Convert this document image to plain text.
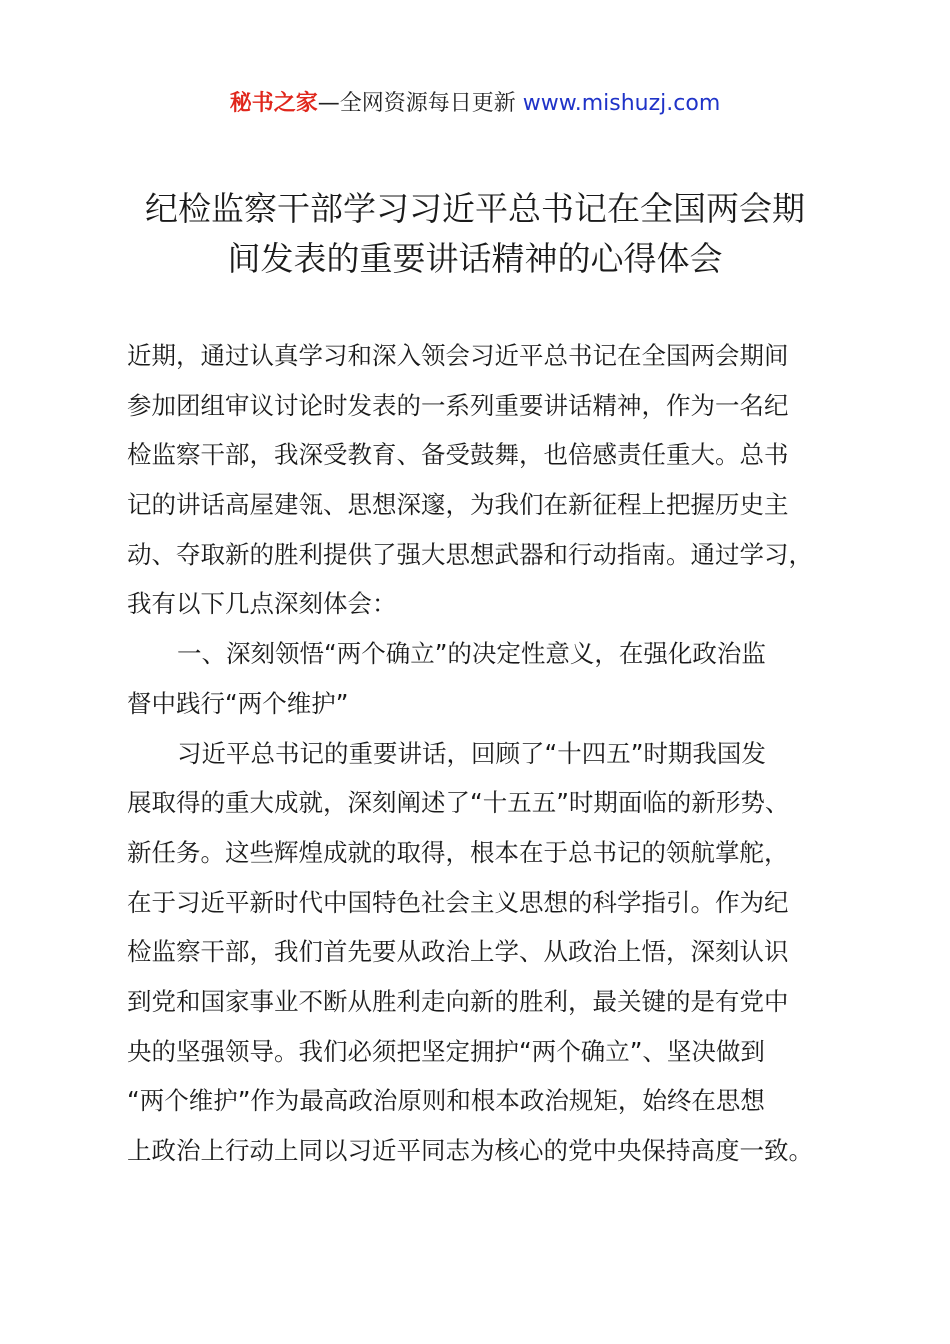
秘书之家—全网资源每日更新 www.mishuzj.com
纪检监察干部学习习近平总书记在全国两会期
间发表的重要讲话精神的心得体会
近期，通过认真学习和深入领会习近平总书记在全国两会期间
参加团组审议讨论时发表的一系列重要讲话精神，作为一名纪
检监察干部，我深受教育、备受鼓舞，也倍感责任重大。总书
记的讲话高屋建瓴、思想深邃，为我们在新征程上把握历史主
动、夺取新的胜利提供了强大思想武器和行动指南。通过学习，
我有以下几点深刻体会：
一、深刻领悟“两个确立”的决定性意义，在强化政治监
督中践行“两个维护”
习近平总书记的重要讲话，回顾了“十四五”时期我国发
展取得的重大成就，深刻阐述了“十五五”时期面临的新形势、
新任务。这些辉煌成就的取得，根本在于总书记的领航掌舵，
在于习近平新时代中国特色社会主义思想的科学指引。作为纪
检监察干部，我们首先要从政治上学、从政治上悟，深刻认识
到党和国家事业不断从胜利走向新的胜利，最关键的是有党中
央的坚强领导。我们必须把坚定拥护“两个确立”、坚决做到
“两个维护”作为最高政治原则和根本政治规矩，始终在思想
上政治上行动上同以习近平同志为核心的党中央保持高度一致。
